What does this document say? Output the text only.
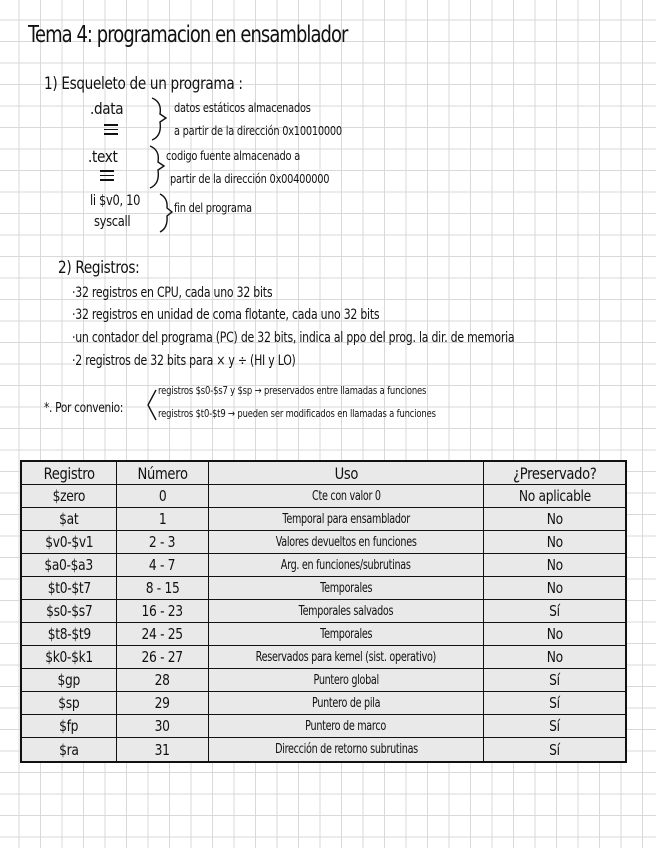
Tema 4: programacion en ensamblador
1) Esqueleto de un programa :
.data	datos estáticos almacenados
a partir de la dirección 0x10010000
.text	codigo fuente almacenado a
partir de la dirección 0x00400000
li $v0, 10
syscall
fin del programa
2) Registros:
·32 registros en CPU, cada uno 32 bits
·32 registros en unidad de coma flotante, cada uno 32 bits
·un contador del programa (PC) de 32 bits, indica al ppo del prog. la dir. de memoria
·2 registros de 32 bits para × y ÷ (HI y LO)
*. Por convenio:
registros $s0-$s7 y $sp → preservados entre llamadas a funciones
registros $t0-$t9 → pueden ser modificados en llamadas a funciones
Registro	Número	Uso	¿Preservado?
$zero	0	Cte con valor 0	No aplicable
$at	1	Temporal para ensamblador	No
$v0-$v1	2 - 3	Valores devueltos en funciones	No
$a0-$a3	4 - 7	Arg. en funciones/subrutinas	No
$t0-$t7	8 - 15	Temporales	No
$s0-$s7	16 - 23	Temporales salvados	Sí
$t8-$t9	24 - 25	Temporales	No
$k0-$k1	26 - 27	Reservados para kernel (sist. operativo)	No
$gp	28	Puntero global	Sí
$sp	29	Puntero de pila	Sí
$fp	30	Puntero de marco	Sí
$ra	31	Dirección de retorno subrutinas	Sí
